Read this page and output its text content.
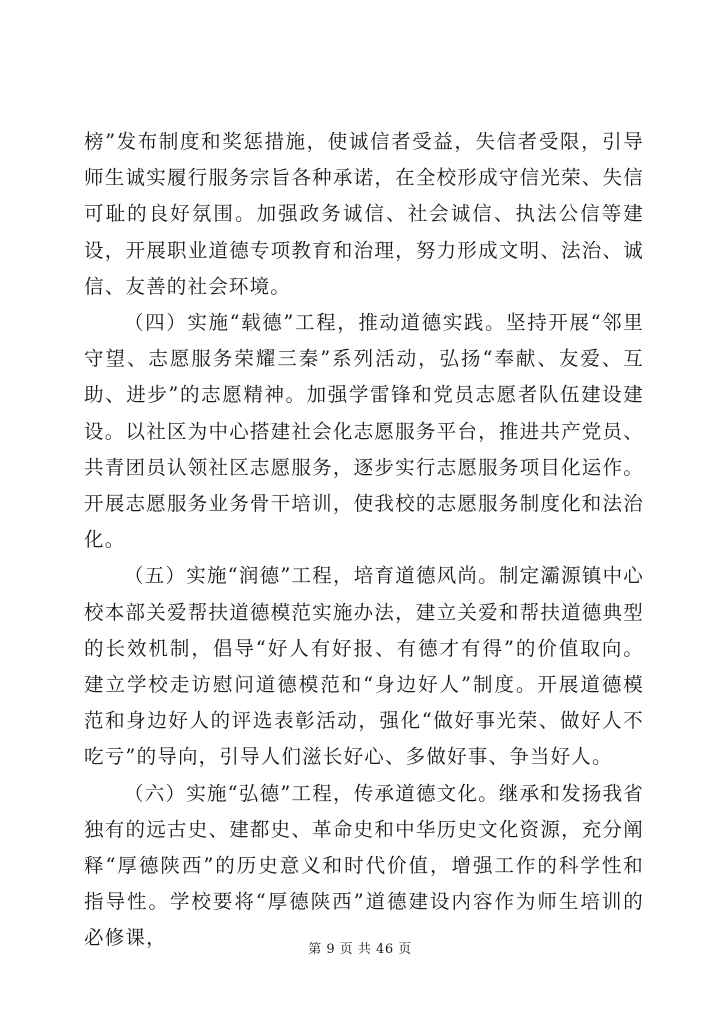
榜”发布制度和奖惩措施，使诚信者受益，失信者受限，引导师生诚实履行服务宗旨各种承诺，在全校形成守信光荣、失信可耻的良好氛围。加强政务诚信、社会诚信、执法公信等建设，开展职业道德专项教育和治理，努力形成文明、法治、诚信、友善的社会环境。

（四）实施“载德”工程，推动道德实践。坚持开展“邻里守望、志愿服务荣耀三秦”系列活动，弘扬“奉献、友爱、互助、进步”的志愿精神。加强学雷锋和党员志愿者队伍建设建设。以社区为中心搭建社会化志愿服务平台，推进共产党员、共青团员认领社区志愿服务，逐步实行志愿服务项目化运作。开展志愿服务业务骨干培训，使我校的志愿服务制度化和法治化。

（五）实施“润德”工程，培育道德风尚。制定灞源镇中心校本部关爱帮扶道德模范实施办法，建立关爱和帮扶道德典型的长效机制，倡导“好人有好报、有德才有得”的价值取向。建立学校走访慰问道德模范和“身边好人”制度。开展道德模范和身边好人的评选表彰活动，强化“做好事光荣、做好人不吃亏”的导向，引导人们滋长好心、多做好事、争当好人。

（六）实施“弘德”工程，传承道德文化。继承和发扬我省独有的远古史、建都史、革命史和中华历史文化资源，充分阐释“厚德陕西”的历史意义和时代价值，增强工作的科学性和指导性。学校要将“厚德陕西”道德建设内容作为师生培训的必修课，

第 9 页 共 46 页
